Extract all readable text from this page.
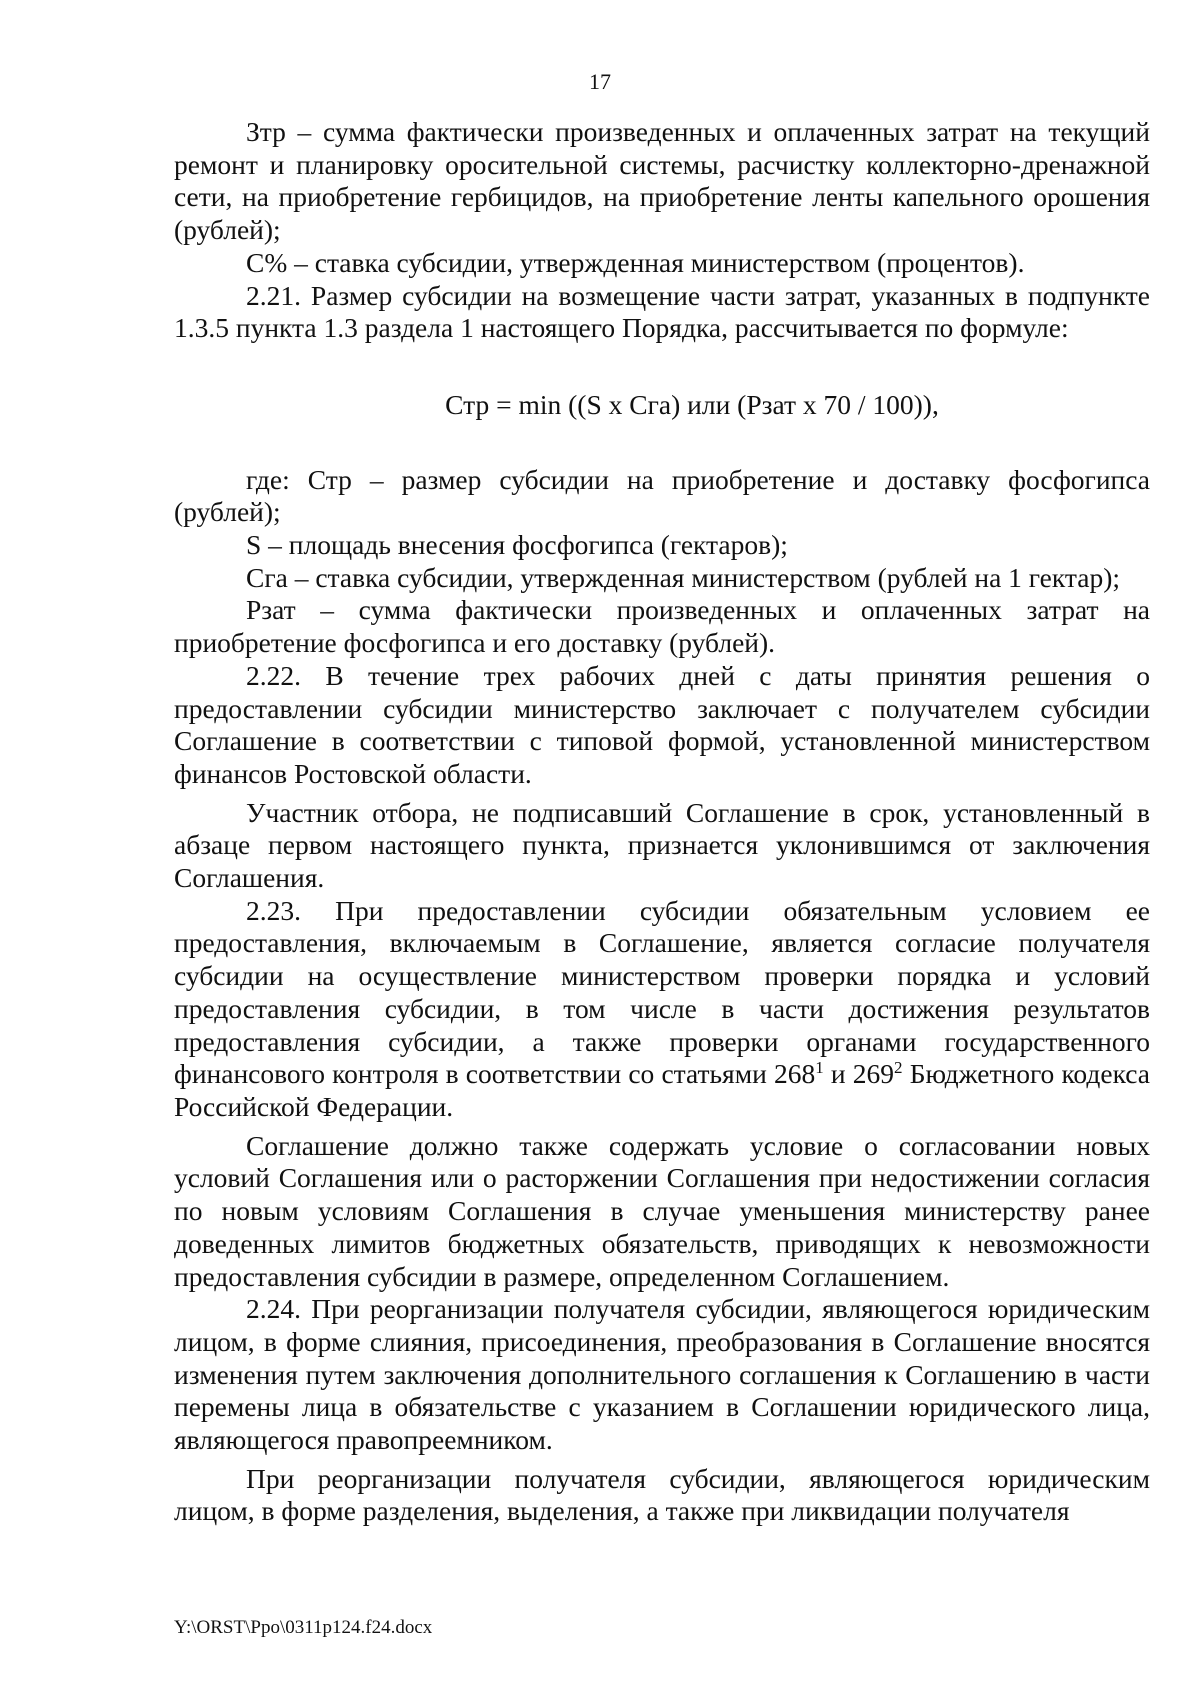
17

Зтр – сумма фактически произведенных и оплаченных затрат на текущий ремонт и планировку оросительной системы, расчистку коллекторно-дренажной сети, на приобретение гербицидов, на приобретение ленты капельного орошения (рублей);

С% – ставка субсидии, утвержденная министерством (процентов).

2.21. Размер субсидии на возмещение части затрат, указанных в подпункте 1.3.5 пункта 1.3 раздела 1 настоящего Порядка, рассчитывается по формуле:

Стр = min ((S х Сга) или (Рзат х 70 / 100)),

где: Стр – размер субсидии на приобретение и доставку фосфогипса (рублей);

S – площадь внесения фосфогипса (гектаров);

Сга – ставка субсидии, утвержденная министерством (рублей на 1 гектар);

Рзат – сумма фактически произведенных и оплаченных затрат на приобретение фосфогипса и его доставку (рублей).

2.22. В течение трех рабочих дней с даты принятия решения о предоставлении субсидии министерство заключает с получателем субсидии Соглашение в соответствии с типовой формой, установленной министерством финансов Ростовской области.

Участник отбора, не подписавший Соглашение в срок, установленный в абзаце первом настоящего пункта, признается уклонившимся от заключения Соглашения.

2.23. При предоставлении субсидии обязательным условием ее предоставления, включаемым в Соглашение, является согласие получателя субсидии на осуществление министерством проверки порядка и условий предоставления субсидии, в том числе в части достижения результатов предоставления субсидии, а также проверки органами государственного финансового контроля в соответствии со статьями $268^1$ и $269^2$ Бюджетного кодекса Российской Федерации.

Соглашение должно также содержать условие о согласовании новых условий Соглашения или о расторжении Соглашения при недостижении согласия по новым условиям Соглашения в случае уменьшения министерству ранее доведенных лимитов бюджетных обязательств, приводящих к невозможности предоставления субсидии в размере, определенном Соглашением.

2.24. При реорганизации получателя субсидии, являющегося юридическим лицом, в форме слияния, присоединения, преобразования в Соглашение вносятся изменения путем заключения дополнительного соглашения к Соглашению в части перемены лица в обязательстве с указанием в Соглашении юридического лица, являющегося правопреемником.

При реорганизации получателя субсидии, являющегося юридическим лицом, в форме разделения, выделения, а также при ликвидации получателя

Y:\ORST\Ppo\0311p124.f24.docx
